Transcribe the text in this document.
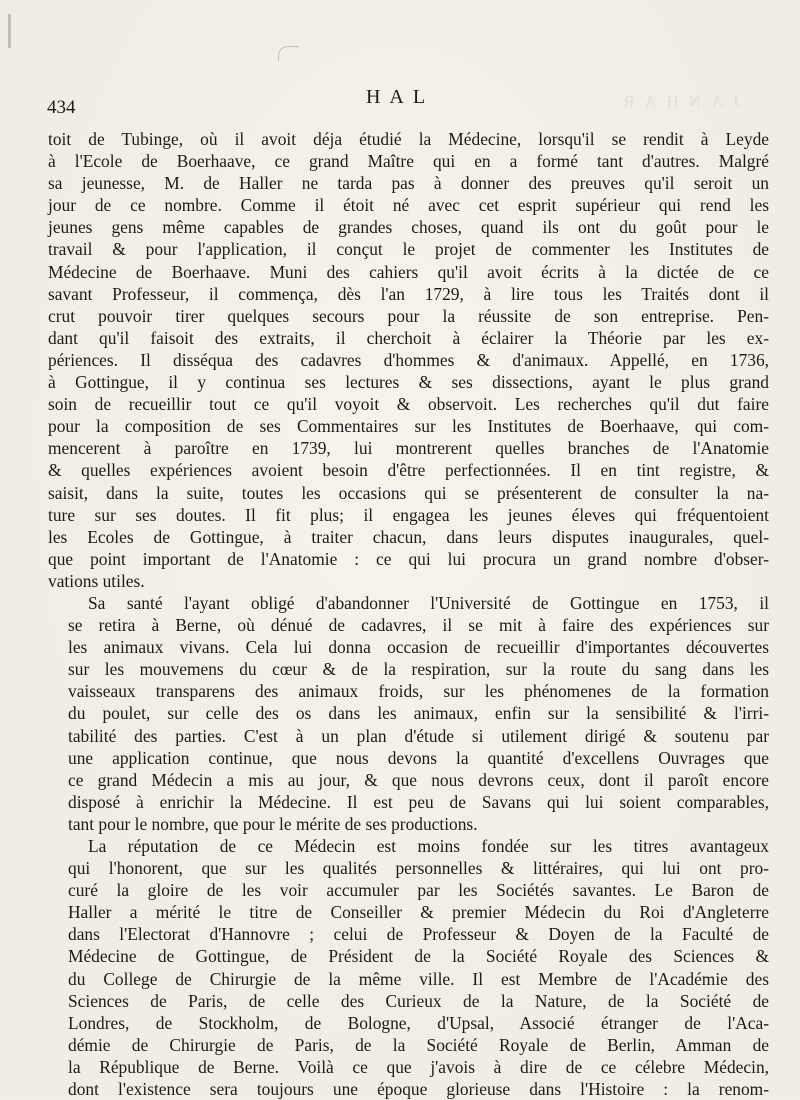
JANHAR
434	HAL
toit de Tubinge, où il avoit déja étudié la Médecine, lorsqu'il se rendit à Leyde
à l'Ecole de Boerhaave, ce grand Maître qui en a formé tant d'autres. Malgré
sa jeunesse, M. de Haller ne tarda pas à donner des preuves qu'il seroit un
jour de ce nombre. Comme il étoit né avec cet esprit supérieur qui rend les
jeunes gens même capables de grandes choses, quand ils ont du goût pour le
travail & pour l'application, il conçut le projet de commenter les Institutes de
Médecine de Boerhaave. Muni des cahiers qu'il avoit écrits à la dictée de ce
savant Professeur, il commença, dès l'an 1729, à lire tous les Traités dont il
crut pouvoir tirer quelques secours pour la réussite de son entreprise. Pen-
dant qu'il faisoit des extraits, il cherchoit à éclairer la Théorie par les ex-
périences. Il disséqua des cadavres d'hommes & d'animaux. Appellé, en 1736,
à Gottingue, il y continua ses lectures & ses dissections, ayant le plus grand
soin de recueillir tout ce qu'il voyoit & observoit. Les recherches qu'il dut faire
pour la composition de ses Commentaires sur les Institutes de Boerhaave, qui com-
mencerent à paroître en 1739, lui montrerent quelles branches de l'Anatomie
& quelles expériences avoient besoin d'être perfectionnées. Il en tint registre, &
saisit, dans la suite, toutes les occasions qui se présenterent de consulter la na-
ture sur ses doutes. Il fit plus; il engagea les jeunes éleves qui fréquentoient
les Ecoles de Gottingue, à traiter chacun, dans leurs disputes inaugurales, quel-
que point important de l'Anatomie : ce qui lui procura un grand nombre d'obser-
vations utiles.
Sa santé l'ayant obligé d'abandonner l'Université de Gottingue en 1753, il
se retira à Berne, où dénué de cadavres, il se mit à faire des expériences sur
les animaux vivans. Cela lui donna occasion de recueillir d'importantes découvertes
sur les mouvemens du cœur & de la respiration, sur la route du sang dans les
vaisseaux transparens des animaux froids, sur les phénomenes de la formation
du poulet, sur celle des os dans les animaux, enfin sur la sensibilité & l'irri-
tabilité des parties. C'est à un plan d'étude si utilement dirigé & soutenu par
une application continue, que nous devons la quantité d'excellens Ouvrages que
ce grand Médecin a mis au jour, & que nous devrons ceux, dont il paroît encore
disposé à enrichir la Médecine. Il est peu de Savans qui lui soient comparables,
tant pour le nombre, que pour le mérite de ses productions.
La réputation de ce Médecin est moins fondée sur les titres avantageux
qui l'honorent, que sur les qualités personnelles & littéraires, qui lui ont pro-
curé la gloire de les voir accumuler par les Sociétés savantes. Le Baron de
Haller a mérité le titre de Conseiller & premier Médecin du Roi d'Angleterre
dans l'Electorat d'Hannovre ; celui de Professeur & Doyen de la Faculté de
Médecine de Gottingue, de Président de la Société Royale des Sciences &
du College de Chirurgie de la même ville. Il est Membre de l'Académie des
Sciences de Paris, de celle des Curieux de la Nature, de la Société de
Londres, de Stockholm, de Bologne, d'Upsal, Associé étranger de l'Aca-
démie de Chirurgie de Paris, de la Société Royale de Berlin, Amman de
la République de Berne. Voilà ce que j'avois à dire de ce célebre Médecin,
dont l'existence sera toujours une époque glorieuse dans l'Histoire : la renom-
